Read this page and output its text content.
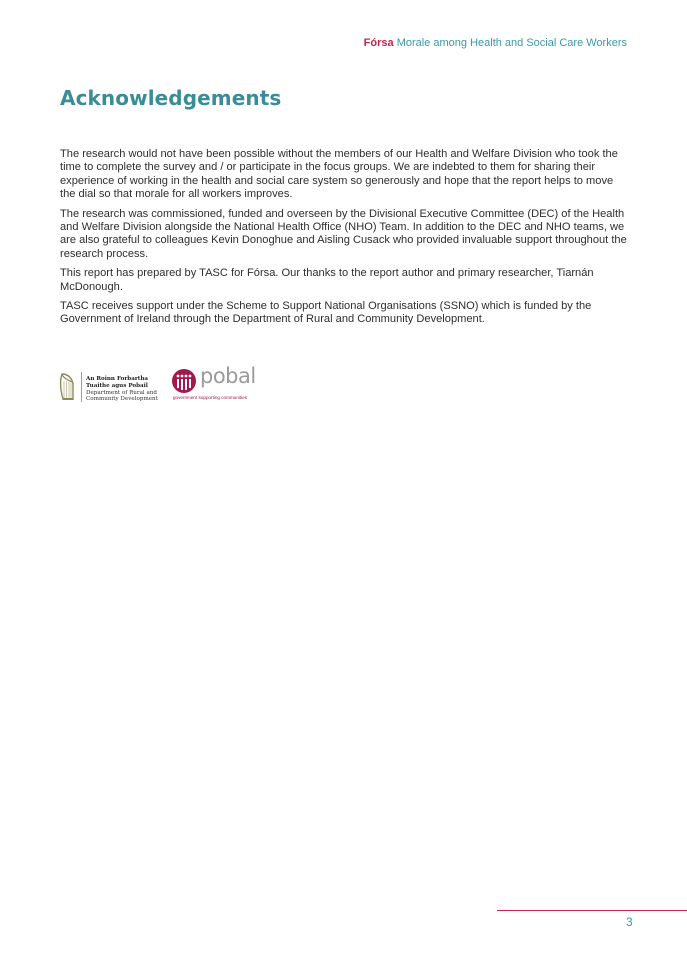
Fórsa Morale among Health and Social Care Workers
Acknowledgements

The research would not have been possible without the members of our Health and Welfare Division who took the time to complete the survey and / or participate in the focus groups. We are indebted to them for sharing their experience of working in the health and social care system so generously and hope that the report helps to move the dial so that morale for all workers improves.

The research was commissioned, funded and overseen by the Divisional Executive Committee (DEC) of the Health and Welfare Division alongside the National Health Office (NHO) Team. In addition to the DEC and NHO teams, we are also grateful to colleagues Kevin Donoghue and Aisling Cusack who provided invaluable support throughout the research process.

This report has prepared by TASC for Fórsa. Our thanks to the report author and primary researcher, Tiarnán McDonough.

TASC receives support under the Scheme to Support National Organisations (SSNO) which is funded by the Government of Ireland through the Department of Rural and Community Development.

An Roinn Forbartha
Tuaithe agus Pobail
Department of Rural and
Community Development
pobal
government supporting communities
3
